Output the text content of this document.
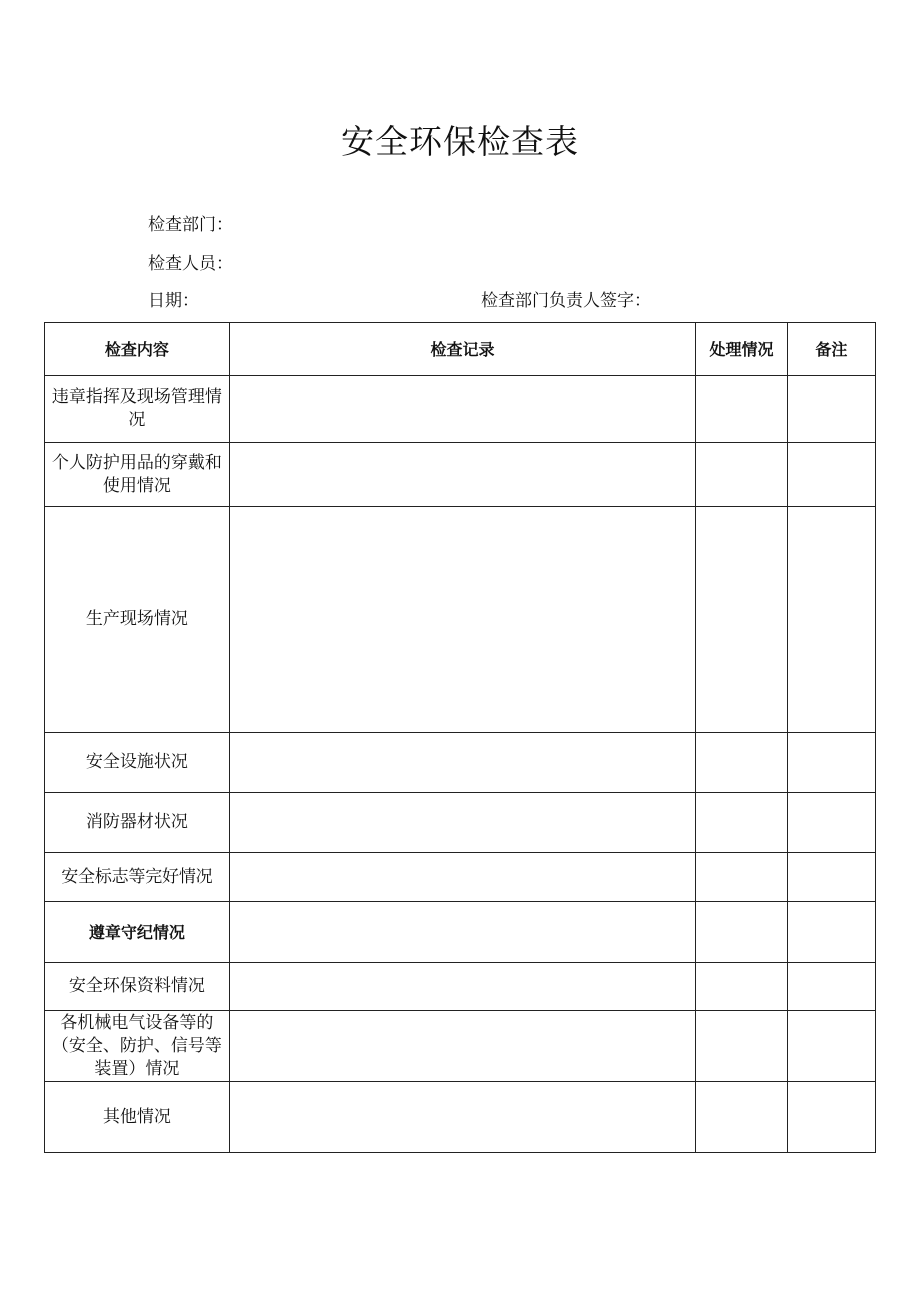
安全环保检查表
检查部门：
检查人员：
日期：	检查部门负责人签字：
检查内容	检查记录	处理情况	备注

违章指挥及现场管理情况			

个人防护用品的穿戴和使用情况			

生产现场情况			

安全设施状况			

消防器材状况			

安全标志等完好情况			

遵章守纪情况			

安全环保资料情况			

各机械电气设备等的（安全、防护、信号等装置）情况			

其他情况			
